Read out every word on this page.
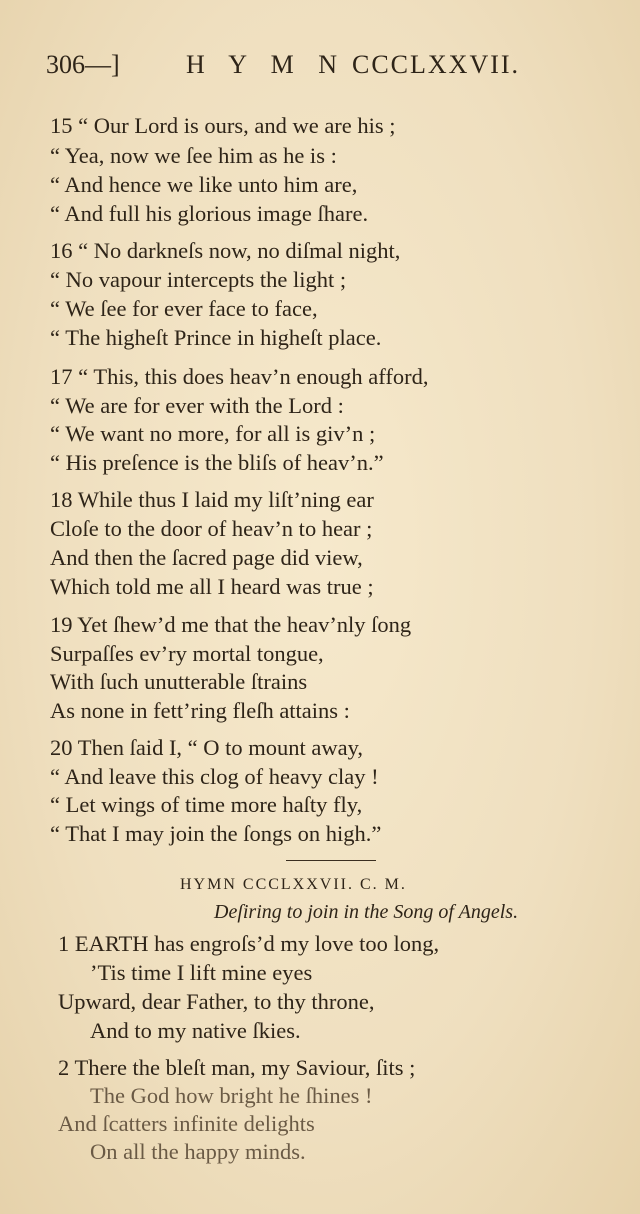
306—]	H Y M N CCCLXXVII.
15 “ Our Lord is ours, and we are his ;
“ Yea, now we ſee him as he is :
“ And hence we like unto him are,
“ And full his glorious image ſhare.
16 “ No darkneſs now, no diſmal night,
“ No vapour intercepts the light ;
“ We ſee for ever face to face,
“ The higheſt Prince in higheſt place.
17 “ This, this does heav’n enough afford,
“ We are for ever with the Lord :
“ We want no more, for all is giv’n ;
“ His preſence is the bliſs of heav’n.”
18 While thus I laid my liſt’ning ear
Cloſe to the door of heav’n to hear ;
And then the ſacred page did view,
Which told me all I heard was true ;
19 Yet ſhew’d me that the heav’nly ſong
Surpaſſes ev’ry mortal tongue,
With ſuch unutterable ſtrains
As none in fett’ring fleſh attains :
20 Then ſaid I, “ O to mount away,
“ And leave this clog of heavy clay !
“ Let wings of time more haſty fly,
“ That I may join the ſongs on high.”
HYMN CCCLXXVII. C. M.
Deſiring to join in the Song of Angels.
1 EARTH has engroſs’d my love too long,
’Tis time I lift mine eyes
Upward, dear Father, to thy throne,
And to my native ſkies.
2 There the bleſt man, my Saviour, ſits ;
The God how bright he ſhines !
And ſcatters infinite delights
On all the happy minds.
